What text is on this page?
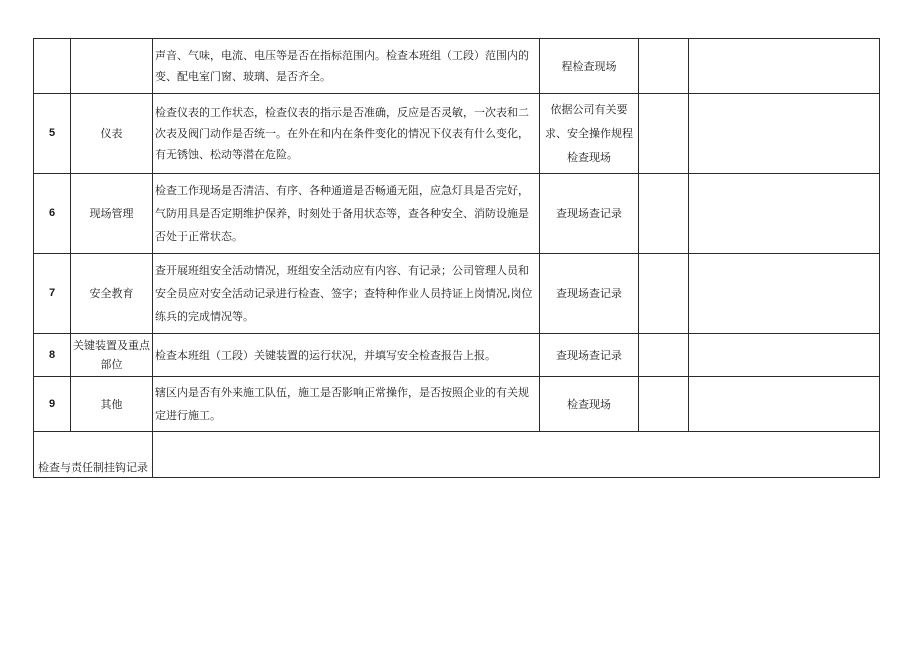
		声音、气味，电流、电压等是否在指标范围内。检查本班组（工段）范围内的变、配电室门窗、玻璃、是否齐全。	程检查现场		
5	仪表	检查仪表的工作状态，检查仪表的指示是否准确，反应是否灵敏，一次表和二次表及阀门动作是否统一。在外在和内在条件变化的情况下仪表有什么变化，有无锈蚀、松动等潜在危险。	依据公司有关要求、安全操作规程检查现场		
6	现场管理	检查工作现场是否清洁、有序、各种通道是否畅通无阻，应急灯具是否完好，气防用具是否定期维护保养，时刻处于备用状态等，查各种安全、消防设施是否处于正常状态。	查现场查记录		
7	安全教育	查开展班组安全活动情况，班组安全活动应有内容、有记录；公司管理人员和安全员应对安全活动记录进行检查、签字；查特种作业人员持证上岗情况,岗位练兵的完成情况等。	查现场查记录		
8	关键装置及重点部位	检查本班组（工段）关键装置的运行状况，并填写安全检查报告上报。	查现场查记录		
9	其他	辖区内是否有外来施工队伍，施工是否影响正常操作，是否按照企业的有关规定进行施工。	检查现场		
检查与责任制挂钩记录					
